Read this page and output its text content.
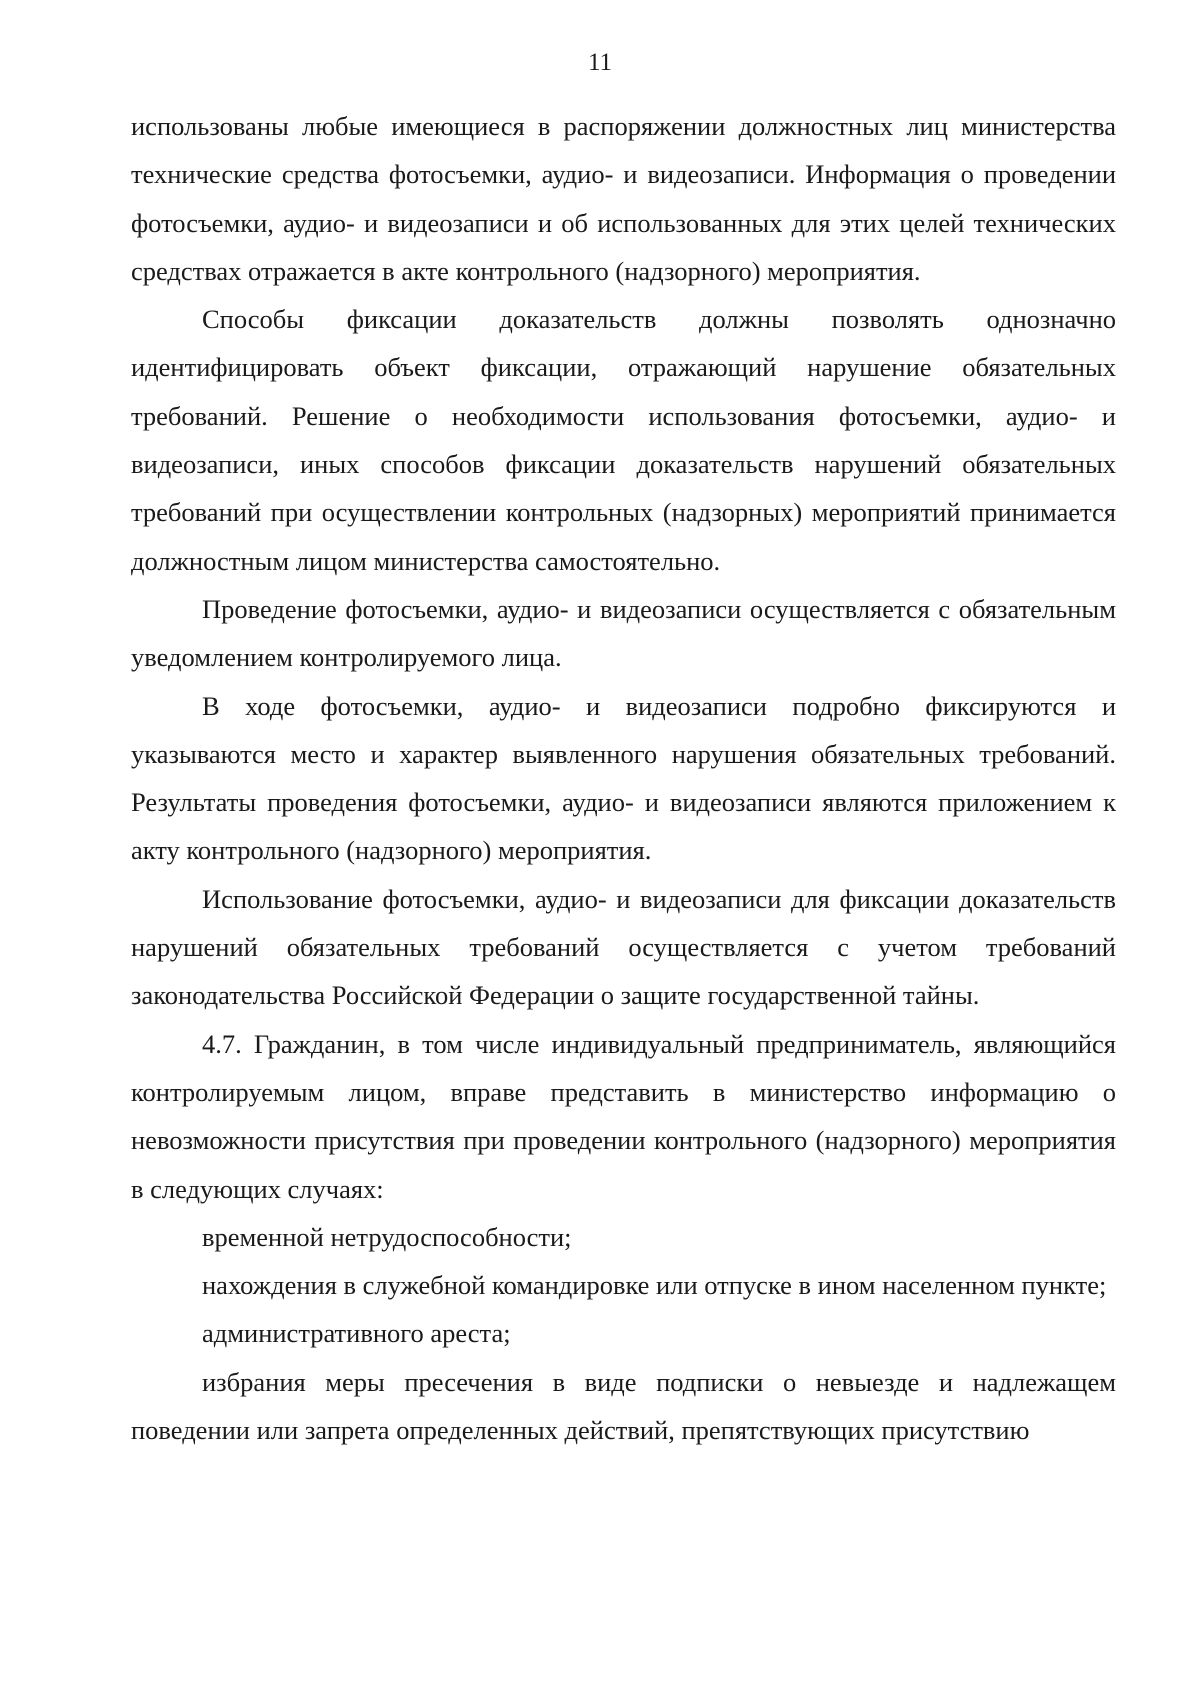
11

использованы любые имеющиеся в распоряжении должностных лиц министерства технические средства фотосъемки, аудио- и видеозаписи. Информация о проведении фотосъемки, аудио- и видеозаписи и об использованных для этих целей технических средствах отражается в акте контрольного (надзорного) мероприятия.

Способы фиксации доказательств должны позволять однозначно идентифицировать объект фиксации, отражающий нарушение обязательных требований. Решение о необходимости использования фотосъемки, аудио- и видеозаписи, иных способов фиксации доказательств нарушений обязательных требований при осуществлении контрольных (надзорных) мероприятий принимается должностным лицом министерства самостоятельно.

Проведение фотосъемки, аудио- и видеозаписи осуществляется с обязательным уведомлением контролируемого лица.

В ходе фотосъемки, аудио- и видеозаписи подробно фиксируются и указываются место и характер выявленного нарушения обязательных требований. Результаты проведения фотосъемки, аудио- и видеозаписи являются приложением к акту контрольного (надзорного) мероприятия.

Использование фотосъемки, аудио- и видеозаписи для фиксации доказательств нарушений обязательных требований осуществляется с учетом требований законодательства Российской Федерации о защите государственной тайны.

4.7. Гражданин, в том числе индивидуальный предприниматель, являющийся контролируемым лицом, вправе представить в министерство информацию о невозможности присутствия при проведении контрольного (надзорного) мероприятия в следующих случаях:

временной нетрудоспособности;

нахождения в служебной командировке или отпуске в ином населенном пункте;

административного ареста;

избрания меры пресечения в виде подписки о невыезде и надлежащем поведении или запрета определенных действий, препятствующих присутствию
